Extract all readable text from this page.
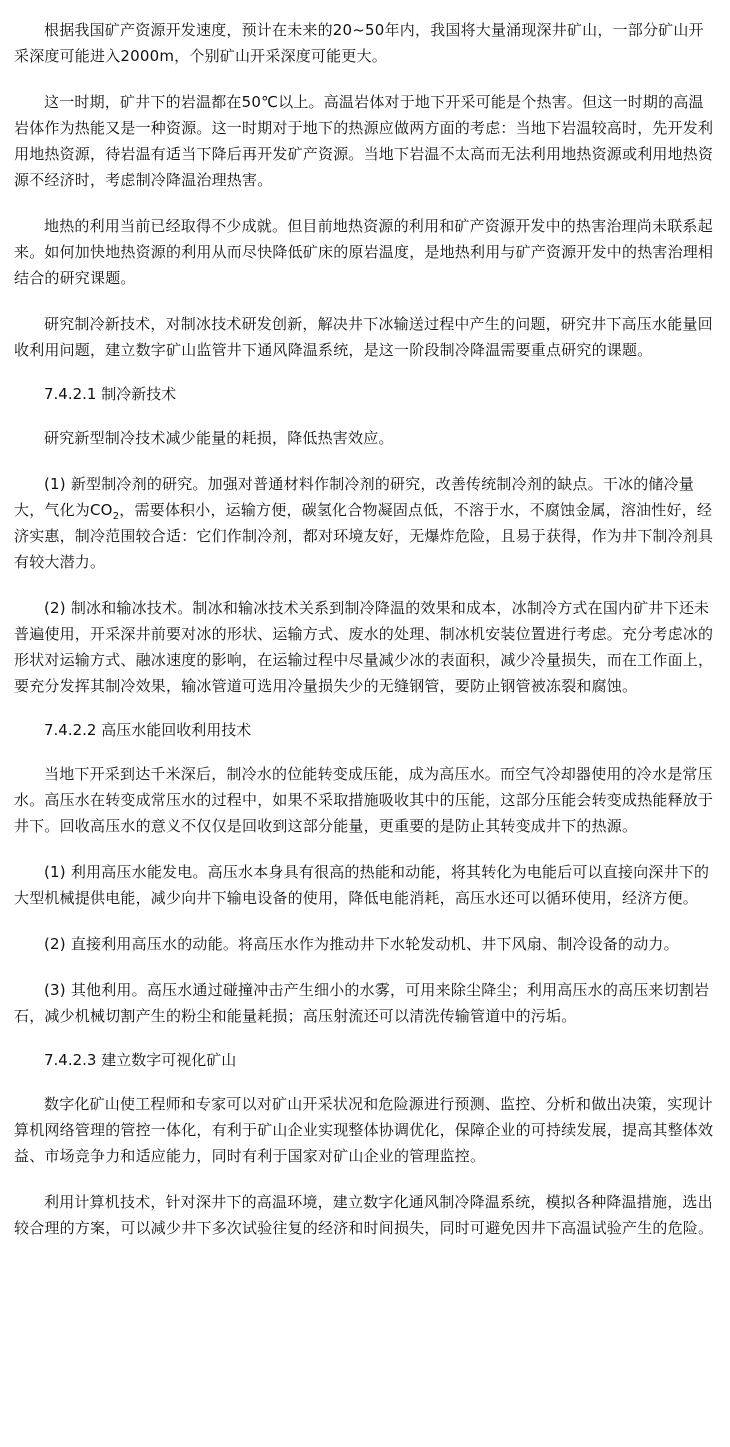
根据我国矿产资源开发速度，预计在未来的20~50年内，我国将大量涌现深井矿山，一部分矿山开采深度可能进入2000m，个别矿山开采深度可能更大。

这一时期，矿井下的岩温都在50℃以上。高温岩体对于地下开采可能是个热害。但这一时期的高温岩体作为热能又是一种资源。这一时期对于地下的热源应做两方面的考虑：当地下岩温较高时，先开发利用地热资源，待岩温有适当下降后再开发矿产资源。当地下岩温不太高而无法利用地热资源或利用地热资源不经济时，考虑制冷降温治理热害。

地热的利用当前已经取得不少成就。但目前地热资源的利用和矿产资源开发中的热害治理尚未联系起来。如何加快地热资源的利用从而尽快降低矿床的原岩温度，是地热利用与矿产资源开发中的热害治理相结合的研究课题。

研究制冷新技术，对制冰技术研发创新，解决井下冰输送过程中产生的问题，研究井下高压水能量回收利用问题，建立数字矿山监管井下通风降温系统，是这一阶段制冷降温需要重点研究的课题。

7.4.2.1 制冷新技术

研究新型制冷技术减少能量的耗损，降低热害效应。

(1) 新型制冷剂的研究。加强对普通材料作制冷剂的研究，改善传统制冷剂的缺点。干冰的储冷量大，气化为$CO_2$，需要体积小，运输方便，碳氢化合物凝固点低，不溶于水，不腐蚀金属，溶油性好，经济实惠，制冷范围较合适：它们作制冷剂，都对环境友好，无爆炸危险，且易于获得，作为井下制冷剂具有较大潜力。

(2) 制冰和输冰技术。制冰和输冰技术关系到制冷降温的效果和成本，冰制冷方式在国内矿井下还未普遍使用，开采深井前要对冰的形状、运输方式、废水的处理、制冰机安装位置进行考虑。充分考虑冰的形状对运输方式、融冰速度的影响，在运输过程中尽量减少冰的表面积，减少冷量损失，而在工作面上，要充分发挥其制冷效果，输冰管道可选用冷量损失少的无缝钢管，要防止钢管被冻裂和腐蚀。

7.4.2.2 高压水能回收利用技术

当地下开采到达千米深后，制冷水的位能转变成压能，成为高压水。而空气冷却器使用的冷水是常压水。高压水在转变成常压水的过程中，如果不采取措施吸收其中的压能，这部分压能会转变成热能释放于井下。回收高压水的意义不仅仅是回收到这部分能量，更重要的是防止其转变成井下的热源。

(1) 利用高压水能发电。高压水本身具有很高的热能和动能，将其转化为电能后可以直接向深井下的大型机械提供电能，减少向井下输电设备的使用，降低电能消耗，高压水还可以循环使用，经济方便。

(2) 直接利用高压水的动能。将高压水作为推动井下水轮发动机、井下风扇、制冷设备的动力。

(3) 其他利用。高压水通过碰撞冲击产生细小的水雾，可用来除尘降尘；利用高压水的高压来切割岩石，减少机械切割产生的粉尘和能量耗损；高压射流还可以清洗传输管道中的污垢。

7.4.2.3 建立数字可视化矿山

数字化矿山使工程师和专家可以对矿山开采状况和危险源进行预测、监控、分析和做出决策，实现计算机网络管理的管控一体化，有利于矿山企业实现整体协调优化，保障企业的可持续发展，提高其整体效益、市场竞争力和适应能力，同时有利于国家对矿山企业的管理监控。

利用计算机技术，针对深井下的高温环境，建立数字化通风制冷降温系统，模拟各种降温措施，选出较合理的方案，可以减少井下多次试验往复的经济和时间损失，同时可避免因井下高温试验产生的危险。
